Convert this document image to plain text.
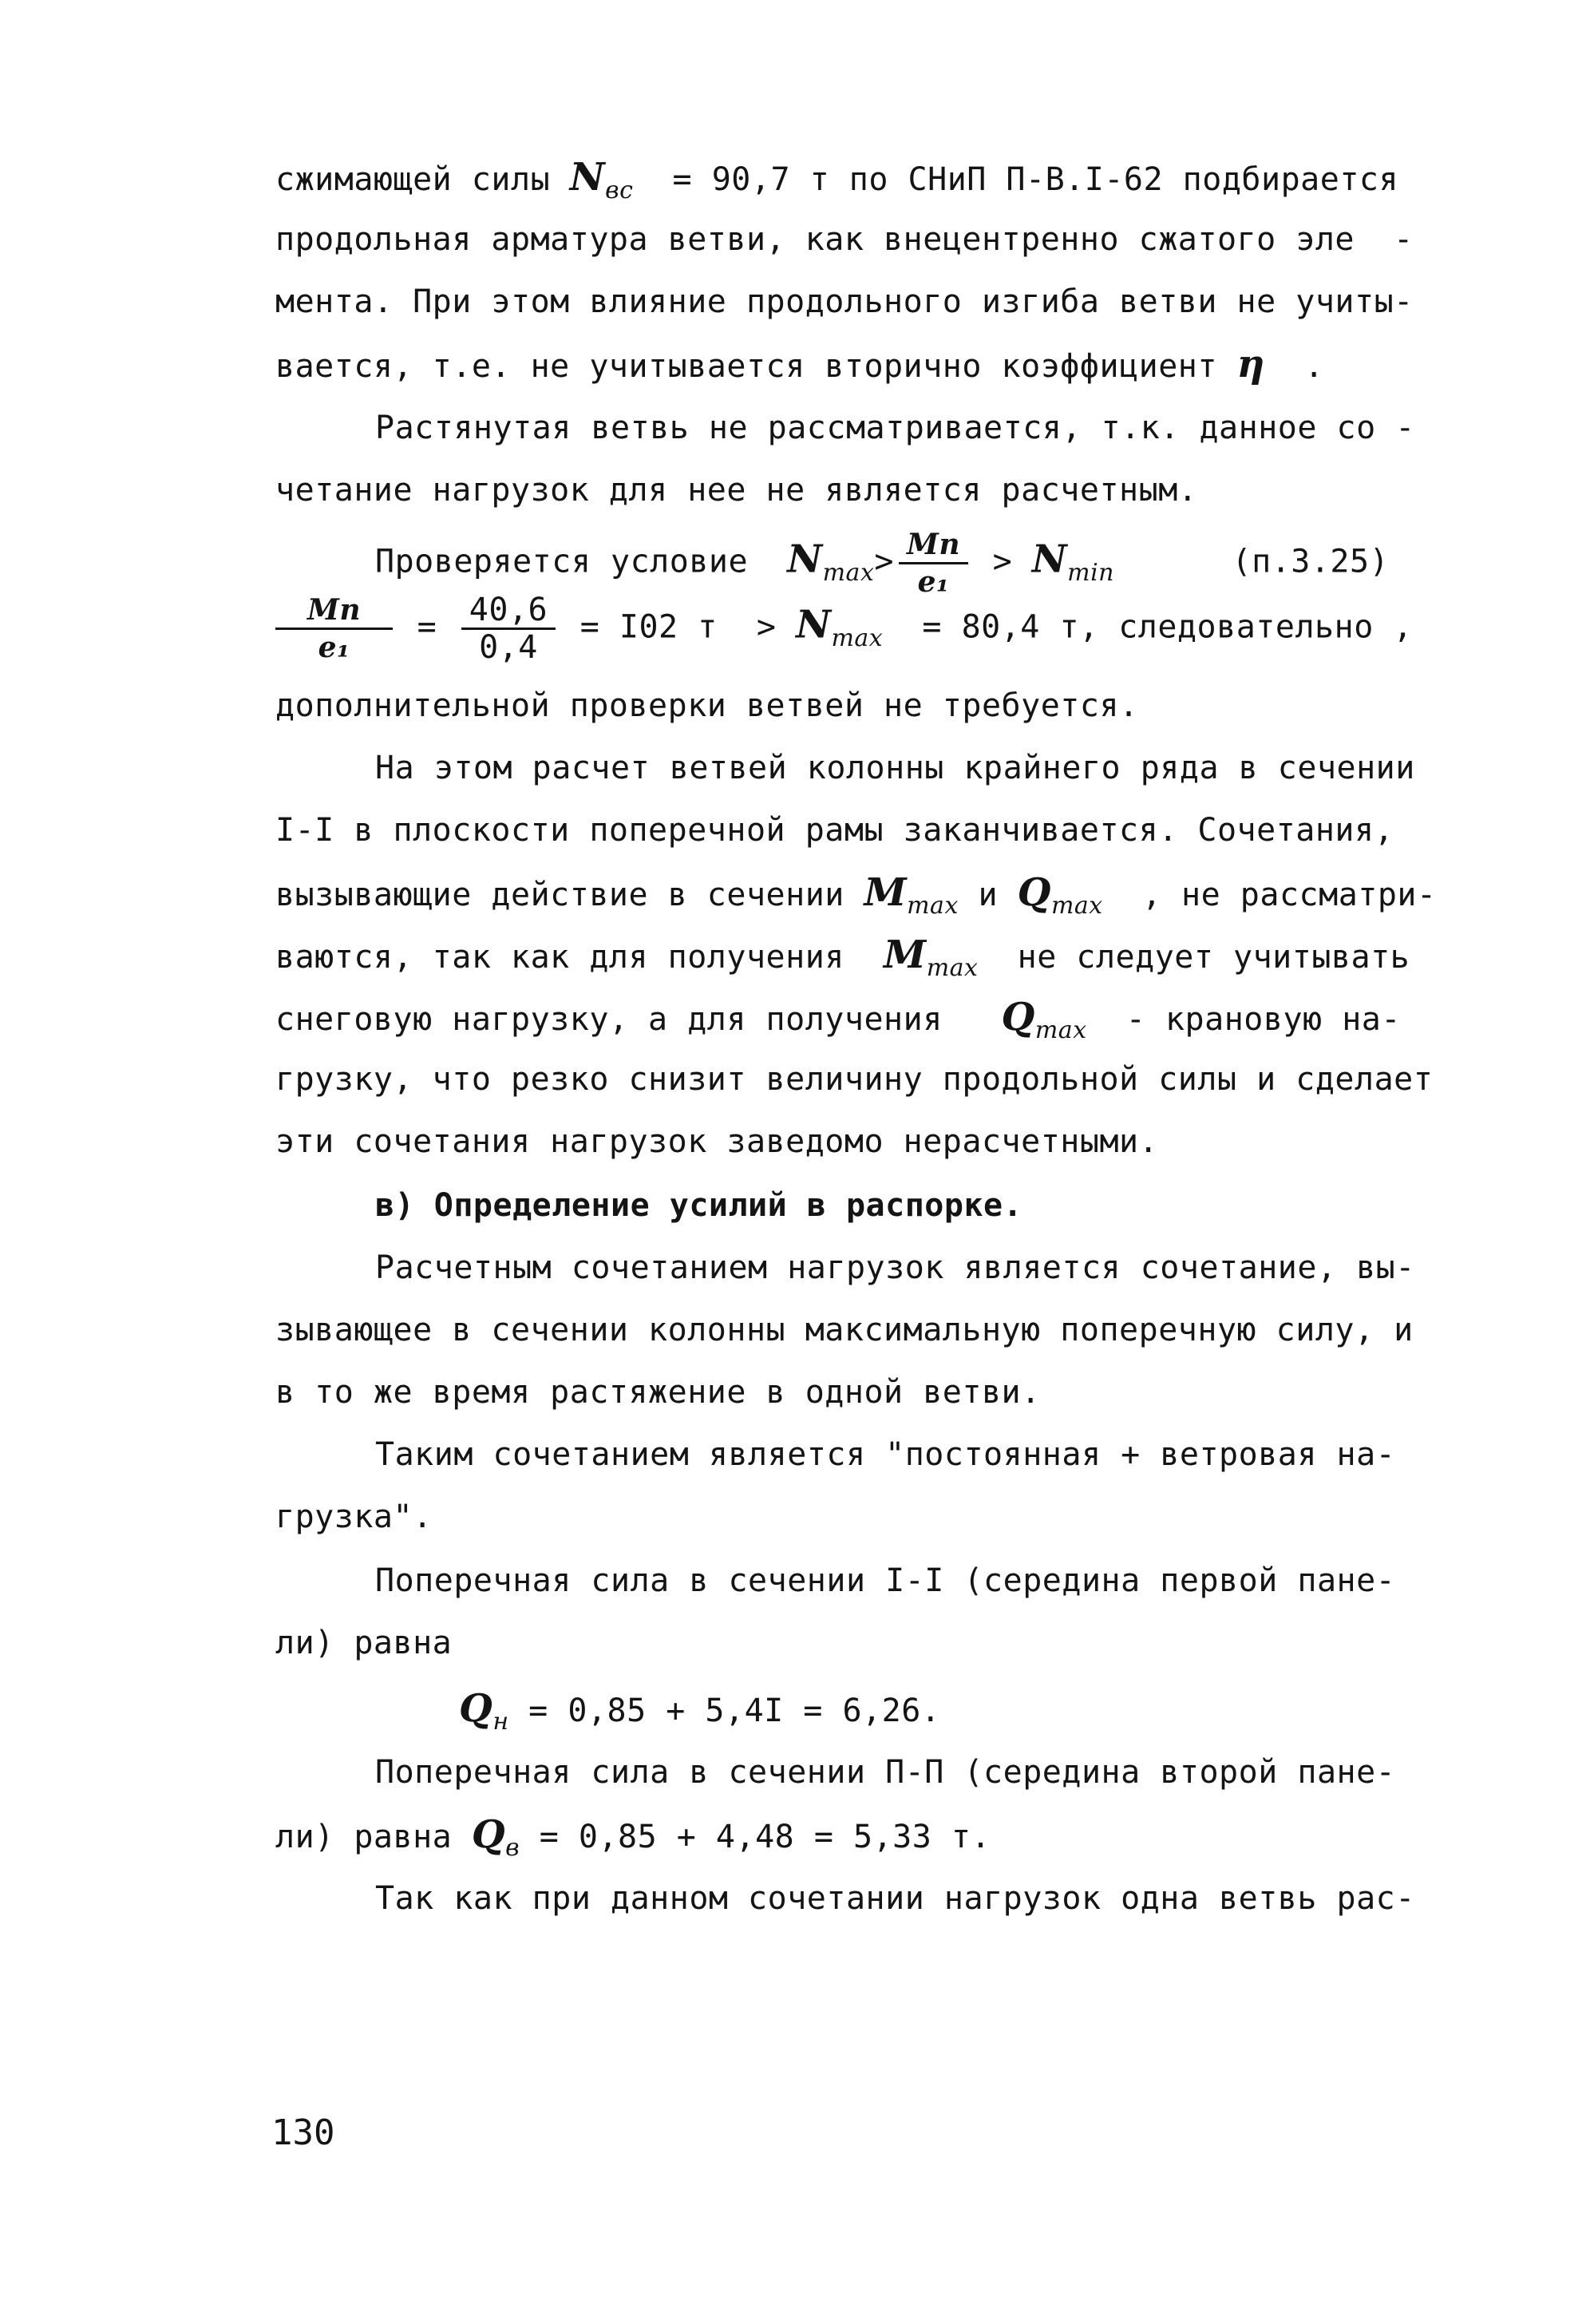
сжимающей силы $N_{вс} = 90,7$ т по СНиП П-В.I-62 подбирается
продольная арматура ветви, как внецентренно сжатого эле  -
мента. При этом влияние продольного изгиба ветви не учиты-
вается, т.е. не учитывается вторично коэффициент η  .
Растянутая ветвь не рассматривается, т.к. данное со -
четание нагрузок для нее не является расчетным.
Проверяется условие  $N_{max}> \frac{Mп}{\text{e₁}} > N_{min}$      (п.3.25)
$\frac{Mп}{\text{e₁}} = \frac{40,6}{0,4} = I02$ $т > N_{max} = 80,4$ т, следовательно ,
дополнительной проверки ветвей не требуется.
На этом расчет ветвей колонны крайнего ряда в сечении
I-I в плоскости поперечной рамы заканчивается. Сочетания,
вызывающие действие в сечении $M_{max}$ и $Q_{max}$  , не рассматри-
ваются, так как для получения  $M_{max}$  не следует учитывать
снеговую нагрузку, а для получения   $Q_{max}$  - крановую на-
грузку, что резко снизит величину продольной силы и сделает
эти сочетания нагрузок заведомо нерасчетными.
в) Определение усилий в распорке.
Расчетным сочетанием нагрузок является сочетание, вы-
зывающее в сечении колонны максимальную поперечную силу, и
в то же время растяжение в одной ветви.
Таким сочетанием является "постоянная + ветровая на-
грузка".
Поперечная сила в сечении I-I (середина первой пане-
ли) равна
$Q_н = 0,85 + 5,4I = 6,26$.
Поперечная сила в сечении П-П (середина второй пане-
ли) равна $Q_в = 0,85 + 4,48 = 5,33$ т.
Так как при данном сочетании нагрузок одна ветвь рас-
130
